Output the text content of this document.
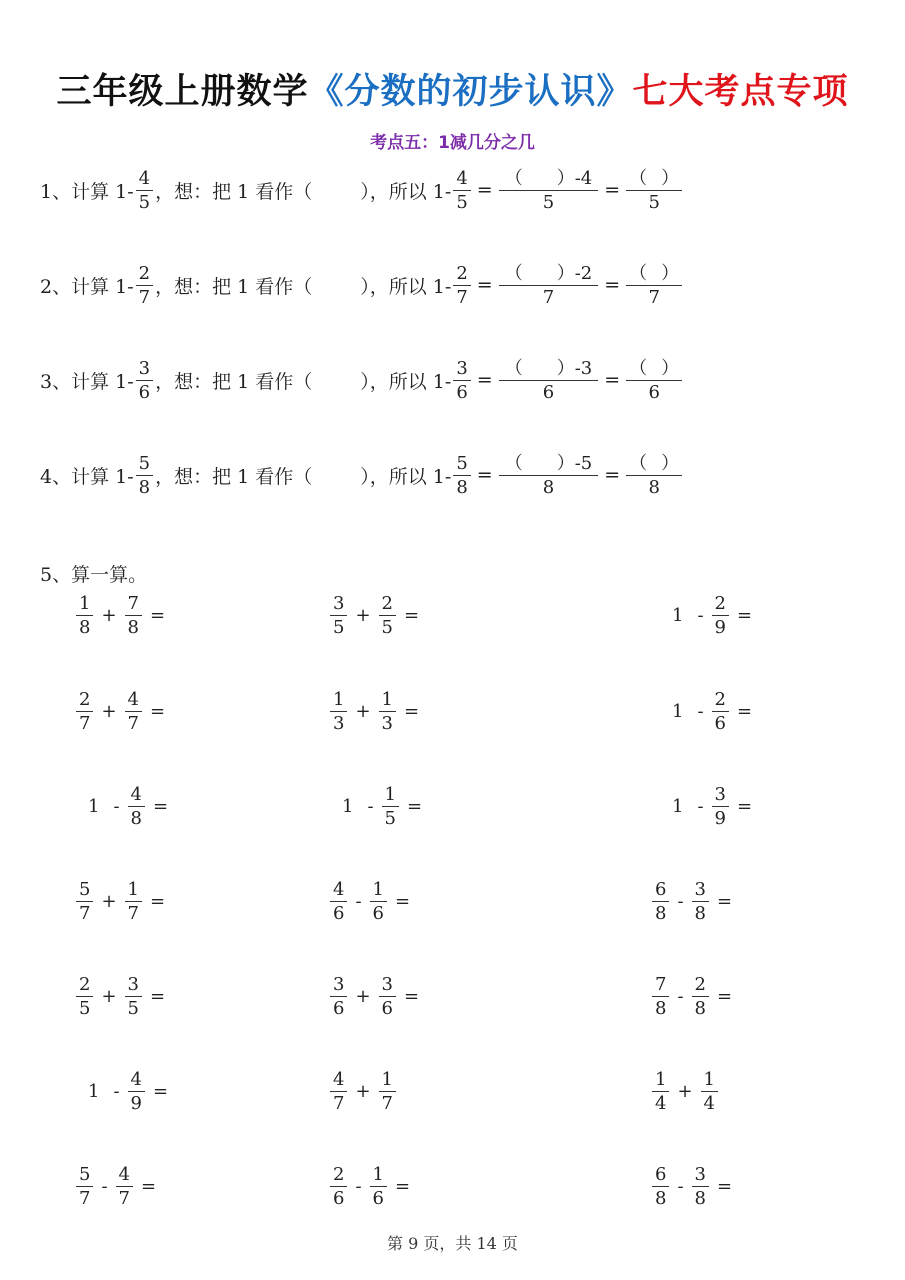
三年级上册数学《分数的初步认识》七大考点专项
考点五：1减几分之几
1、计算 $1- \frac{4}{5}$ ，想：把 1 看作（	），所以 $1- \frac{4}{5} = \frac{( )-4}{5} = \frac{( )}{5}$
2、计算 $1- \frac{2}{7}$ ，想：把 1 看作（	），所以 $1- \frac{2}{7} = \frac{( )-2}{7} = \frac{( )}{7}$
3、计算 $1- \frac{3}{6}$ ，想：把 1 看作（	），所以 $1- \frac{3}{6} = \frac{( )-3}{6} = \frac{( )}{6}$
4、计算 $1- \frac{5}{8}$ ，想：把 1 看作（	），所以 $1- \frac{5}{8} = \frac{( )-5}{8} = \frac{( )}{8}$
5、算一算。
$\frac{1}{8} + \frac{7}{8}$ =	$\frac{3}{5} + \frac{2}{5}$ =	$1 - \frac{2}{9}$ =
$\frac{2}{7} + \frac{4}{7}$ =	$\frac{1}{3} + \frac{1}{3}$ =	$1 - \frac{2}{6}$ =
$1 - \frac{4}{8}$ =	$1 - \frac{1}{5}$ =	$1 - \frac{3}{9}$ =
$\frac{5}{7} + \frac{1}{7}$ =	$\frac{4}{6} - \frac{1}{6}$ =	$\frac{6}{8} - \frac{3}{8}$ =
$\frac{2}{5} + \frac{3}{5}$ =	$\frac{3}{6} + \frac{3}{6}$ =	$\frac{7}{8} - \frac{2}{8}$ =
$1 - \frac{4}{9}$ =	$\frac{4}{7} + \frac{1}{7}$	$\frac{1}{4} + \frac{1}{4}$
$\frac{5}{7} - \frac{4}{7}$ =	$\frac{2}{6} - \frac{1}{6}$ =	$\frac{6}{8} - \frac{3}{8}$ =
第 9 页，共 14 页
